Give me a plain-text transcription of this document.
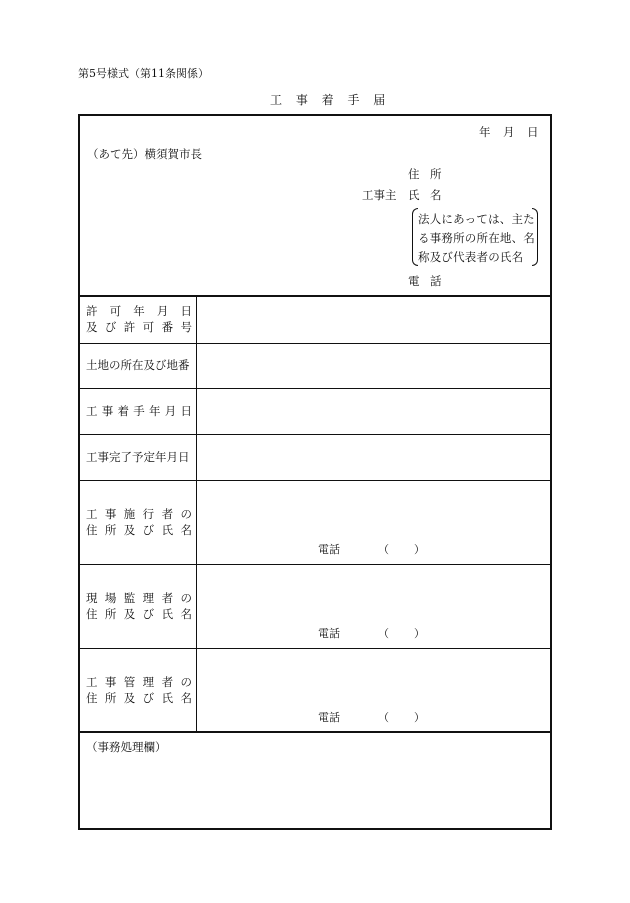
第5号様式（第11条関係）
工 事 着 手 届
年 月 日
（あて先）横須賀市長
住 所
工事主 氏 名
法人にあっては、主た
る事務所の所在地、名
称及び代表者の氏名
電 話
許 可 年 月 日
及 び 許 可 番 号
土地の所在及び地番
工 事 着 手 年 月 日
工事完了予定年月日
工 事 施 行 者 の
住 所 及 び 氏 名
電話	（ ）
現 場 監 理 者 の
住 所 及 び 氏 名
電話	（ ）
工 事 管 理 者 の
住 所 及 び 氏 名
電話	（ ）
（事務処理欄）
